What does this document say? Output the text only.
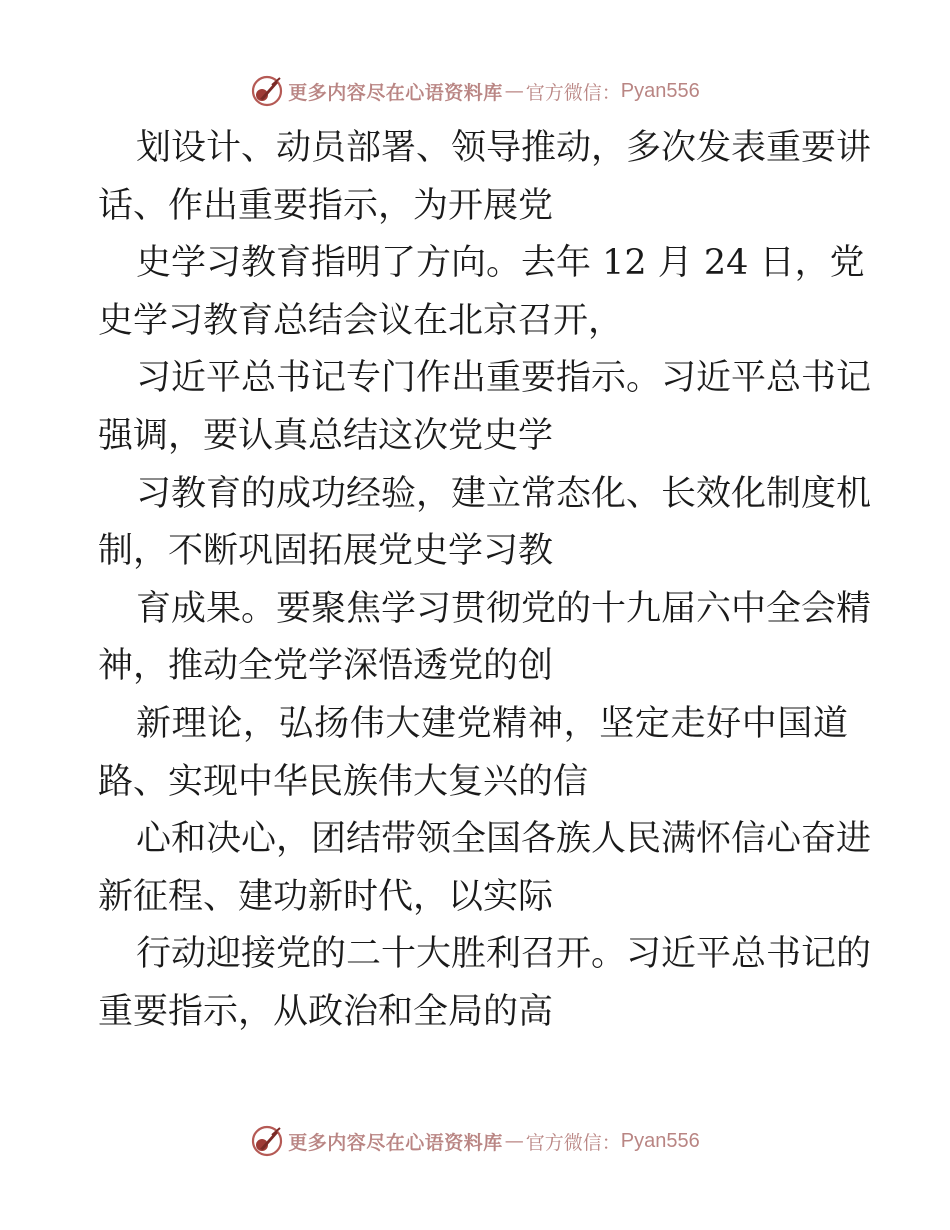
更多内容尽在心语资料库 — 官方微信： Pyan556
划设计、动员部署、领导推动，多次发表重要讲
话、作出重要指示，为开展党
史学习教育指明了方向。去年 12 月 24 日，党
史学习教育总结会议在北京召开，
习近平总书记专门作出重要指示。习近平总书记
强调，要认真总结这次党史学
习教育的成功经验，建立常态化、长效化制度机
制，不断巩固拓展党史学习教
育成果。要聚焦学习贯彻党的十九届六中全会精
神，推动全党学深悟透党的创
新理论，弘扬伟大建党精神，坚定走好中国道
路、实现中华民族伟大复兴的信
心和决心，团结带领全国各族人民满怀信心奋进
新征程、建功新时代，以实际
行动迎接党的二十大胜利召开。习近平总书记的
重要指示，从政治和全局的高
更多内容尽在心语资料库 — 官方微信： Pyan556
